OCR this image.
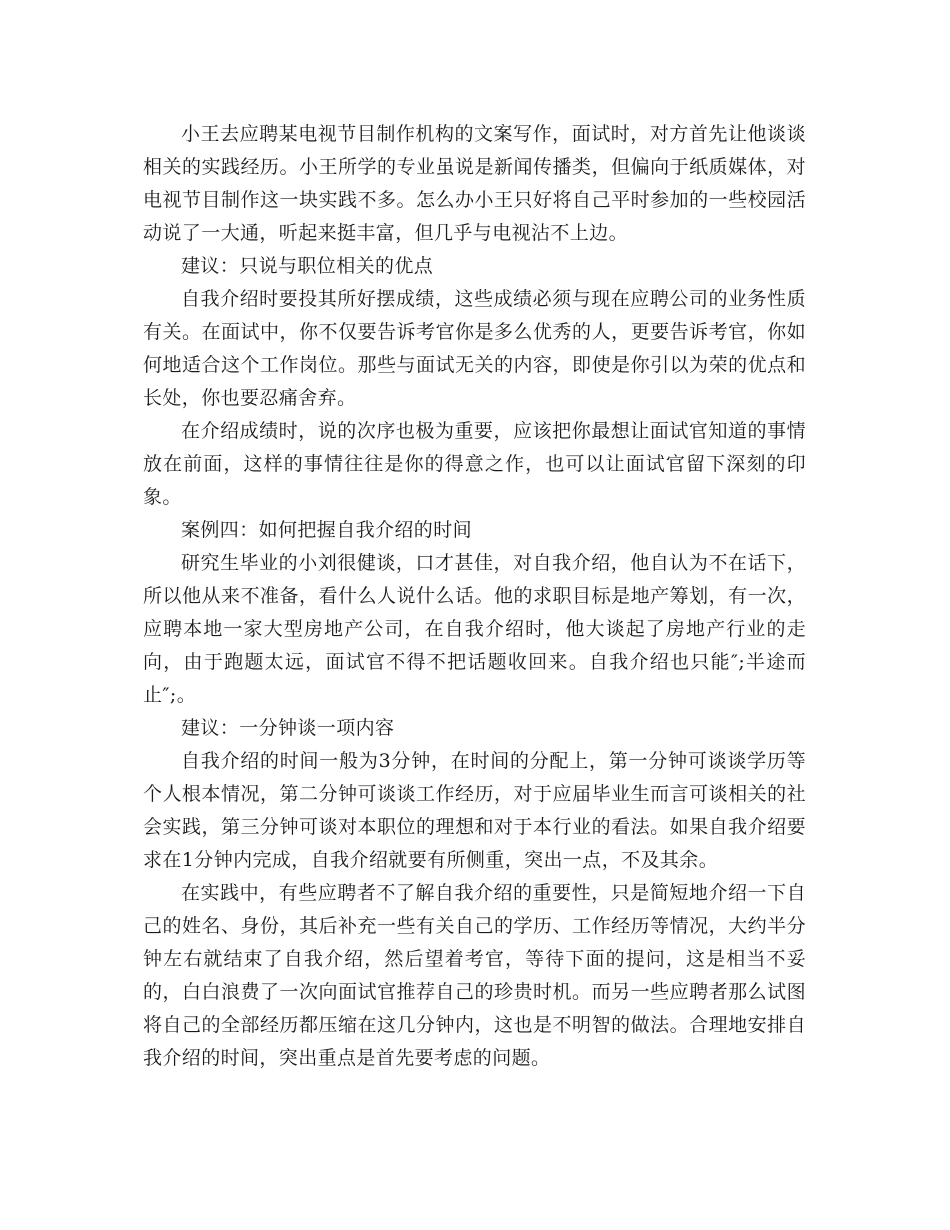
小王去应聘某电视节目制作机构的文案写作，面试时，对方首先让他谈谈相关的实践经历。小王所学的专业虽说是新闻传播类，但偏向于纸质媒体，对电视节目制作这一块实践不多。怎么办小王只好将自己平时参加的一些校园活动说了一大通，听起来挺丰富，但几乎与电视沾不上边。

建议：只说与职位相关的优点

自我介绍时要投其所好摆成绩，这些成绩必须与现在应聘公司的业务性质有关。在面试中，你不仅要告诉考官你是多么优秀的人，更要告诉考官，你如何地适合这个工作岗位。那些与面试无关的内容，即使是你引以为荣的优点和长处，你也要忍痛舍弃。

在介绍成绩时，说的次序也极为重要，应该把你最想让面试官知道的事情放在前面，这样的事情往往是你的得意之作，也可以让面试官留下深刻的印象。

案例四：如何把握自我介绍的时间

研究生毕业的小刘很健谈，口才甚佳，对自我介绍，他自认为不在话下，所以他从来不准备，看什么人说什么话。他的求职目标是地产筹划，有一次，应聘本地一家大型房地产公司，在自我介绍时，他大谈起了房地产行业的走向，由于跑题太远，面试官不得不把话题收回来。自我介绍也只能″;半途而止″;。

建议：一分钟谈一项内容

自我介绍的时间一般为3分钟，在时间的分配上，第一分钟可谈谈学历等个人根本情况，第二分钟可谈谈工作经历，对于应届毕业生而言可谈相关的社会实践，第三分钟可谈对本职位的理想和对于本行业的看法。如果自我介绍要求在1分钟内完成，自我介绍就要有所侧重，突出一点，不及其余。

在实践中，有些应聘者不了解自我介绍的重要性，只是简短地介绍一下自己的姓名、身份，其后补充一些有关自己的学历、工作经历等情况，大约半分钟左右就结束了自我介绍，然后望着考官，等待下面的提问，这是相当不妥的，白白浪费了一次向面试官推荐自己的珍贵时机。而另一些应聘者那么试图将自己的全部经历都压缩在这几分钟内，这也是不明智的做法。合理地安排自我介绍的时间，突出重点是首先要考虑的问题。
